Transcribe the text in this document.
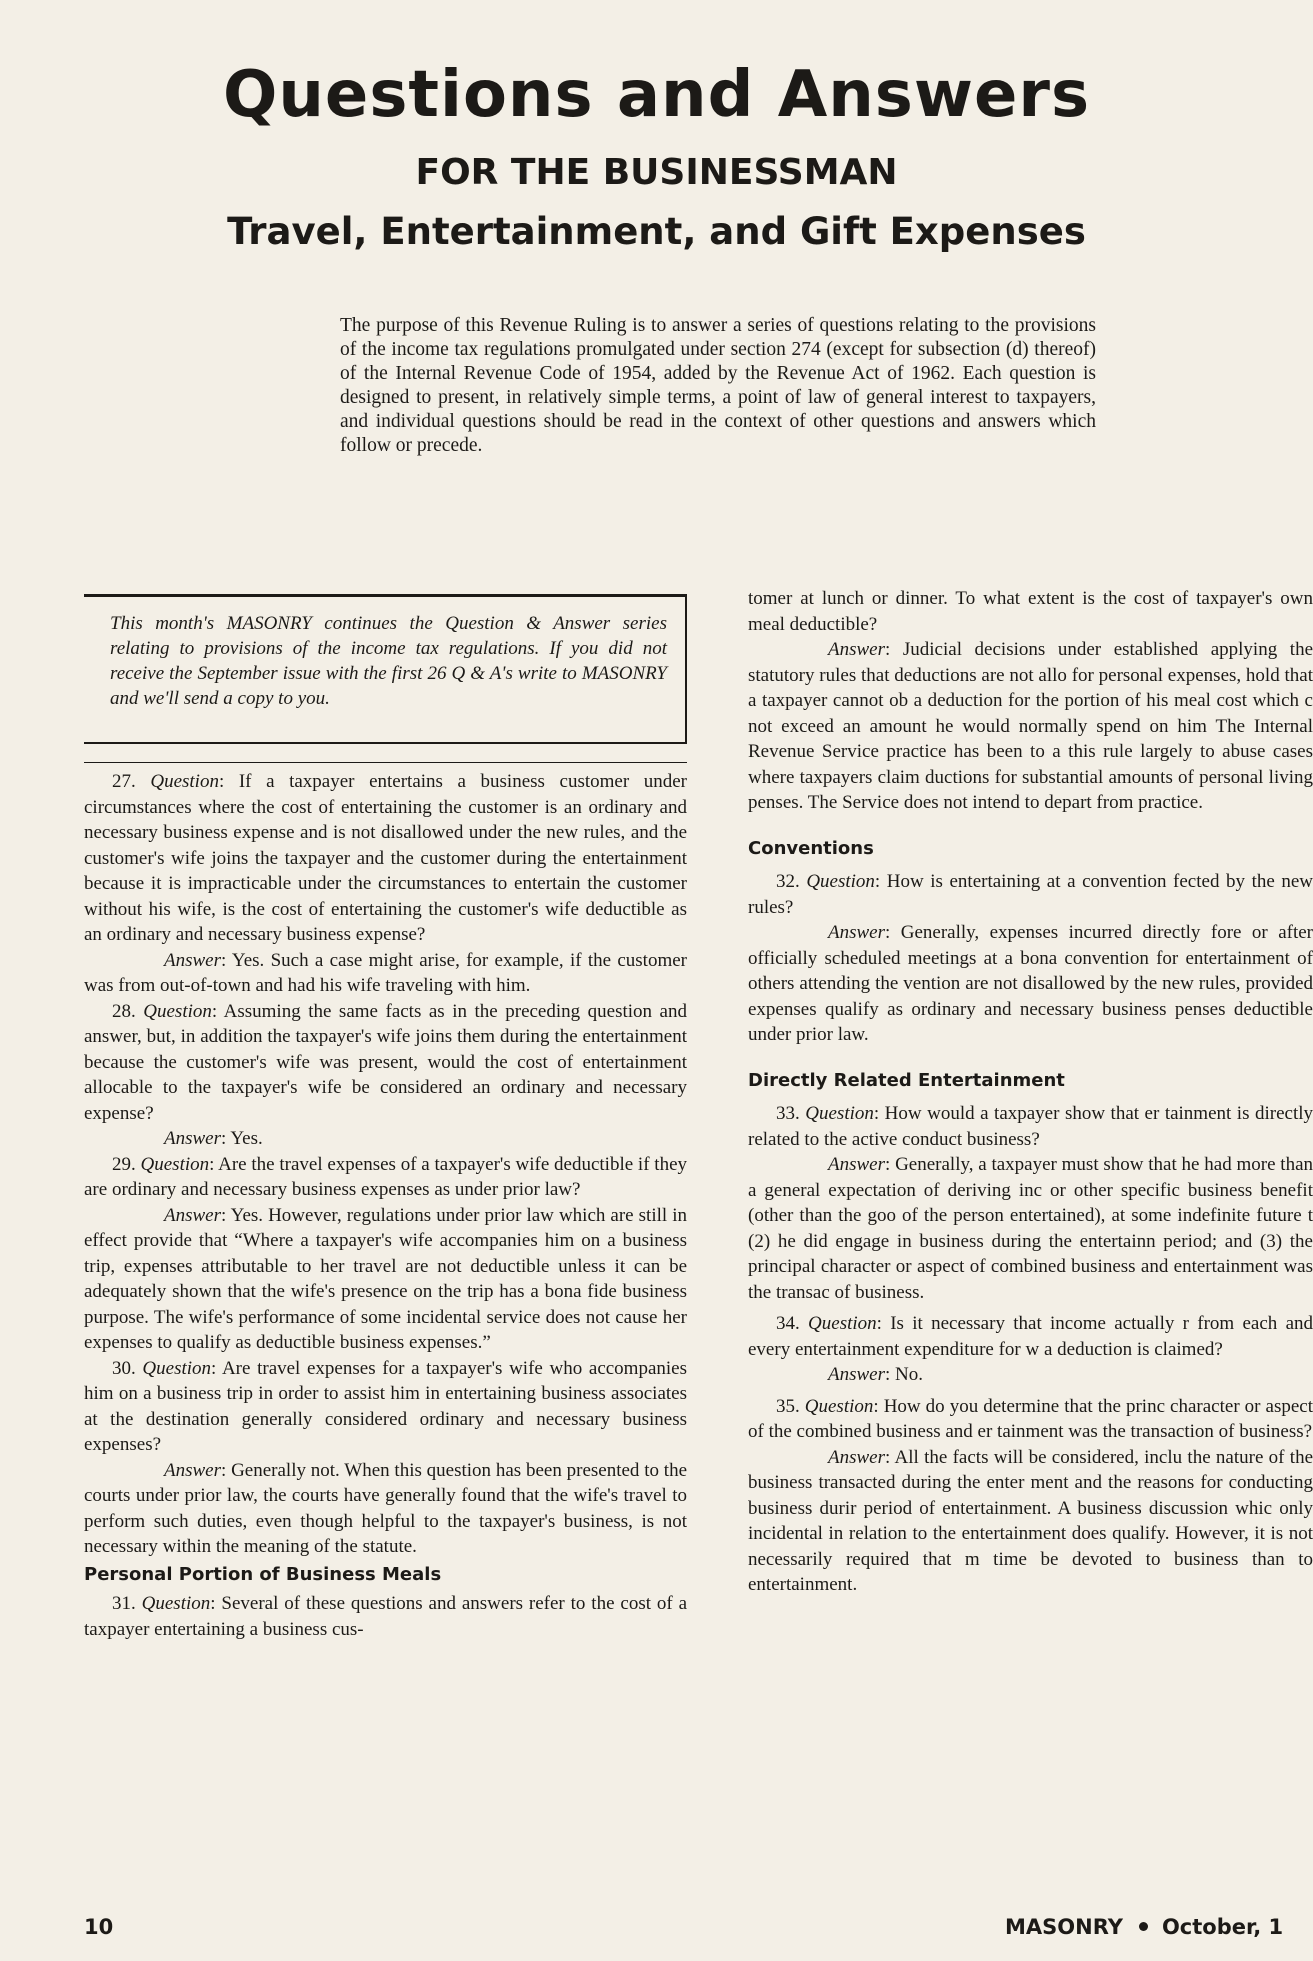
Questions and Answers
FOR THE BUSINESSMAN
Travel, Entertainment, and Gift Expenses
The purpose of this Revenue Ruling is to answer a series of questions relating to the provisions of the income tax regulations promulgated under section 274 (except for subsection (d) thereof) of the Internal Revenue Code of 1954, added by the Revenue Act of 1962. Each question is designed to present, in relatively simple terms, a point of law of general interest to taxpayers, and individual questions should be read in the context of other questions and answers which follow or precede.
This month's MASONRY continues the Question & Answer series relating to provisions of the income tax regulations. If you did not receive the September issue with the first 26 Q & A's write to MASONRY and we'll send a copy to you.

27. Question: If a taxpayer entertains a business customer under circumstances where the cost of entertaining the customer is an ordinary and necessary business expense and is not disallowed under the new rules, and the customer's wife joins the taxpayer and the customer during the entertainment because it is impracticable under the circumstances to entertain the customer without his wife, is the cost of entertaining the customer's wife deductible as an ordinary and necessary business expense?

Answer: Yes. Such a case might arise, for example, if the customer was from out-of-town and had his wife traveling with him.

28. Question: Assuming the same facts as in the preceding question and answer, but, in addition the taxpayer's wife joins them during the entertainment because the customer's wife was present, would the cost of entertainment allocable to the taxpayer's wife be considered an ordinary and necessary expense?

Answer: Yes.

29. Question: Are the travel expenses of a taxpayer's wife deductible if they are ordinary and necessary business expenses as under prior law?

Answer: Yes. However, regulations under prior law which are still in effect provide that “Where a taxpayer's wife accompanies him on a business trip, expenses attributable to her travel are not deductible unless it can be adequately shown that the wife's presence on the trip has a bona fide business purpose. The wife's performance of some incidental service does not cause her expenses to qualify as deductible business expenses.”

30. Question: Are travel expenses for a taxpayer's wife who accompanies him on a business trip in order to assist him in entertaining business associates at the destination generally considered ordinary and necessary business expenses?

Answer: Generally not. When this question has been presented to the courts under prior law, the courts have generally found that the wife's travel to perform such duties, even though helpful to the taxpayer's business, is not necessary within the meaning of the statute.

Personal Portion of Business Meals

31. Question: Several of these questions and answers refer to the cost of a taxpayer entertaining a business cus-

tomer at lunch or dinner. To what extent is the cost of taxpayer's own meal deductible?

Answer: Judicial decisions under established applying the statutory rules that deductions are not allo for personal expenses, hold that a taxpayer cannot ob a deduction for the portion of his meal cost which c not exceed an amount he would normally spend on him The Internal Revenue Service practice has been to a this rule largely to abuse cases where taxpayers claim ductions for substantial amounts of personal living penses. The Service does not intend to depart from practice.

Conventions

32. Question: How is entertaining at a convention fected by the new rules?

Answer: Generally, expenses incurred directly fore or after officially scheduled meetings at a bona convention for entertainment of others attending the vention are not disallowed by the new rules, provided expenses qualify as ordinary and necessary business penses deductible under prior law.

Directly Related Entertainment

33. Question: How would a taxpayer show that er tainment is directly related to the active conduct business?

Answer: Generally, a taxpayer must show that he had more than a general expectation of deriving inc or other specific business benefit (other than the goo of the person entertained), at some indefinite future t (2) he did engage in business during the entertainn period; and (3) the principal character or aspect of combined business and entertainment was the transac of business.

34. Question: Is it necessary that income actually r from each and every entertainment expenditure for w a deduction is claimed?

Answer: No.

35. Question: How do you determine that the princ character or aspect of the combined business and er tainment was the transaction of business?

Answer: All the facts will be considered, inclu the nature of the business transacted during the enter ment and the reasons for conducting business durir period of entertainment. A business discussion whic only incidental in relation to the entertainment does qualify. However, it is not necessarily required that m time be devoted to business than to entertainment.

10	MASONRY October, 1
